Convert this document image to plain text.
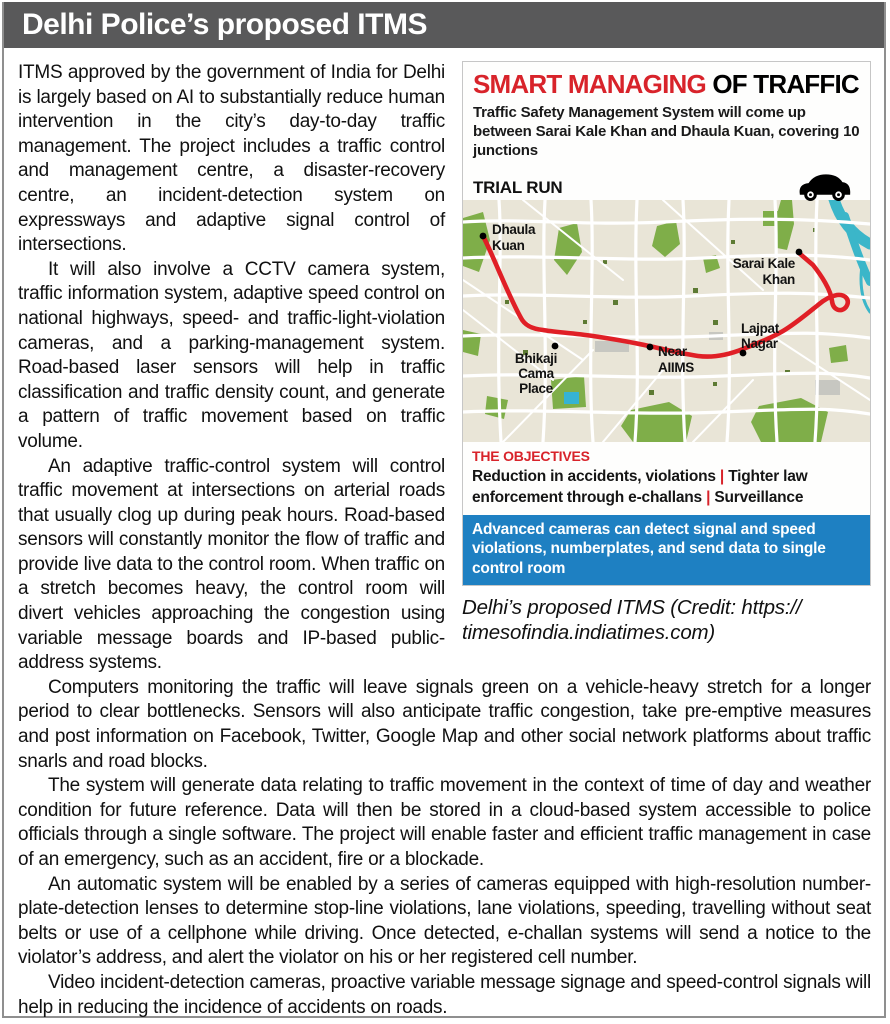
Delhi Police’s proposed ITMS
SMART MANAGING OF TRAFFIC
Traffic Safety Management System will come up between Sarai Kale Khan and Dhaula Kuan, covering 10 junctions
TRIAL RUN
Dhaula
Kuan
Sarai Kale
Khan
Lajpat
Nagar
Near
AIIMS
Bhikaji
Cama
Place
THE OBJECTIVES
Reduction in accidents, violations | Tighter law enforcement through e-challans | Surveillance
Advanced cameras can detect signal and speed violations, numberplates, and send data to single control room
Delhi’s proposed ITMS (Credit: https://
timesofindia.indiatimes.com)

ITMS approved by the government of India for Delhi is largely based on AI to substantially reduce human intervention in the city’s day-to-day traffic management. The project includes a traffic control and management centre, a disaster-recovery centre, an incident-detection system on expressways and adaptive signal control of intersections.

It will also involve a CCTV camera system, traffic information system, adaptive speed control on national highways, speed- and traffic-light-violation cameras, and a parking-management system. Road-based laser sensors will help in traffic classification and traffic density count, and generate a pattern of traffic movement based on traffic volume.

An adaptive traffic-control system will control traffic movement at intersections on arterial roads that usually clog up during peak hours. Road-based sensors will constantly monitor the flow of traffic and provide live data to the control room. When traffic on a stretch becomes heavy, the control room will divert vehicles approaching the congestion using variable message boards and IP-based public-address systems.

Computers monitoring the traffic will leave signals green on a vehicle-heavy stretch for a longer period to clear bottlenecks. Sensors will also anticipate traffic congestion, take pre-emptive measures and post information on Facebook, Twitter, Google Map and other social network platforms about traffic snarls and road blocks.

The system will generate data relating to traffic movement in the context of time of day and weather condition for future reference. Data will then be stored in a cloud-based system accessible to police officials through a single software. The project will enable faster and efficient traffic management in case of an emergency, such as an accident, fire or a blockade.

An automatic system will be enabled by a series of cameras equipped with high-resolution number-plate-detection lenses to determine stop-line violations, lane violations, speeding, travelling without seat belts or use of a cellphone while driving. Once detected, e-challan systems will send a notice to the violator’s address, and alert the violator on his or her registered cell number.

Video incident-detection cameras, proactive variable message signage and speed-control signals will help in reducing the incidence of accidents on roads.
